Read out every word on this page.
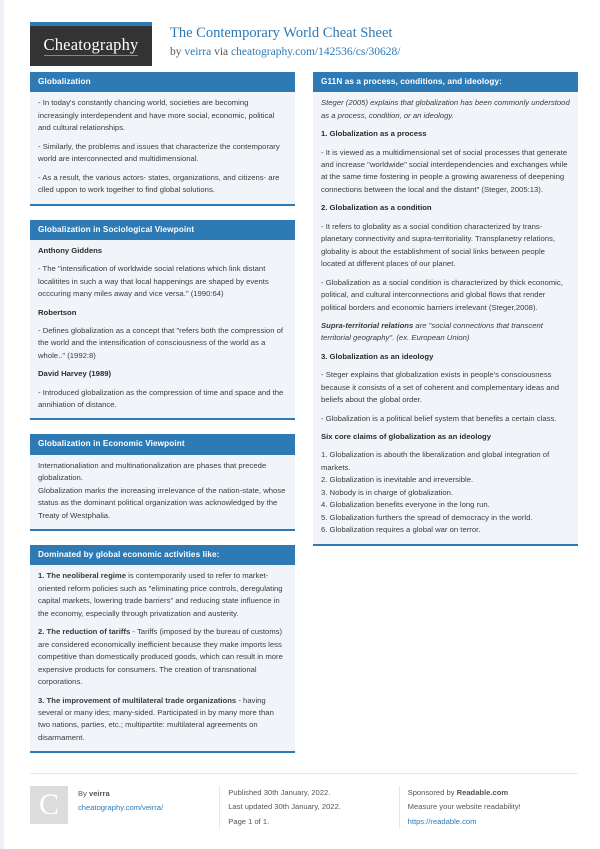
Cheatography
The Contemporary World Cheat Sheet
by veirra via cheatography.com/142536/cs/30628/
Globalization

- In today's constantly chancing world, societies are becoming increasingly interdependent and have more social, economic, political and cultural relationships.

- Similarly, the problems and issues that characterize the contemporary world are interconnected and multidimensional.

- As a result, the various actors- states, organizations, and citizens- are clled uppon to work together to find global solutions.

Globalization in Sociological Viewpoint

Anthony Giddens

- The "intensification of worldwide social relations which link distant localitites in such a way that local happenings are shaped by events occcuring many miles away and vice versa." (1990:64)

Robertson

- Defines globalization as a concept that "refers both the compression of the world and the intensification of consciousness of the world as a whole.." (1992:8)

David Harvey (1989)

- Introduced globalization as the compression of time and space and the annihiation of distance.

Globalization in Economic Viewpoint

Internationaliation and multinationalization are phases that precede globalization.

Globalization marks the increasing irrelevance of the nation-state, whose status as the dominant political organization was acknowledged by the Treaty of Westphalia.

Dominated by global economic activities like:

1. The neoliberal regime is contemporarily used to refer to market-oriented reform policies such as "eliminating price controls, deregulating capital markets, lowering trade barriers" and reducing state influence in the economy, especially through privatization and austerity.

2. The reduction of tariffs - Tariffs (imposed by the bureau of customs) are considered economically inefficient because they make imports less competitive than domestically produced goods, which can result in more expensive products for consumers. The creation of transnational corporations.

3. The improvement of multilateral trade organizations - having several or many ides; many-sided. Participated in by many more than two nations, parties, etc.; multipartite: multilateral agreements on disarmament.

G11N as a process, conditions, and ideology:

Steger (2005) explains that globalization has been commonly understood as a process, condition, or an ideology.

1. Globalization as a process

- It is viewed as a multidimensional set of social processes that generate and increase "worldwide" social interdependencies and exchanges while at the same time fostering in people a growing awareness of deepening connections between the local and the distant" (Steger, 2005:13).

2. Globalization as a condition

- It refers to globality as a social condition characterized by trans-planetary connectivity and supra-territoriality. Transplanetry relations, globality is about the establishment of social links between people located at different places of our planet.

- Globalization as a social condition is characterized by thick economic, political, and cultural interconnections and global flows that render political borders and economic barriers irrelevant (Steger,2008).

Supra-territorial relations are "social connections that transcent territorial geography". (ex. European Union)

3. Globalization as an ideology

- Steger explains that globalization exists in people's consciousness because it consists of a set of coherent and complementary ideas and beliefs about the global order.

- Globalization is a political belief system that benefits a certain class.

Six core claims of globalization as an ideology

1. Globalization is abouth the liberalization and global integration of markets.

2. Globalization is inevitable and irreversible.

3. Nobody is in charge of globalization.

4. Globalization benefits everyone in the long run.

5. Globalization furthers the spread of democracy in the world.

6. Globalization requires a global war on terror.

C	By veirra
cheatography.com/veirra/
Published 30th January, 2022.
Last updated 30th January, 2022.
Page 1 of 1.
Sponsored by Readable.com
Measure your website readability!
https://readable.com
